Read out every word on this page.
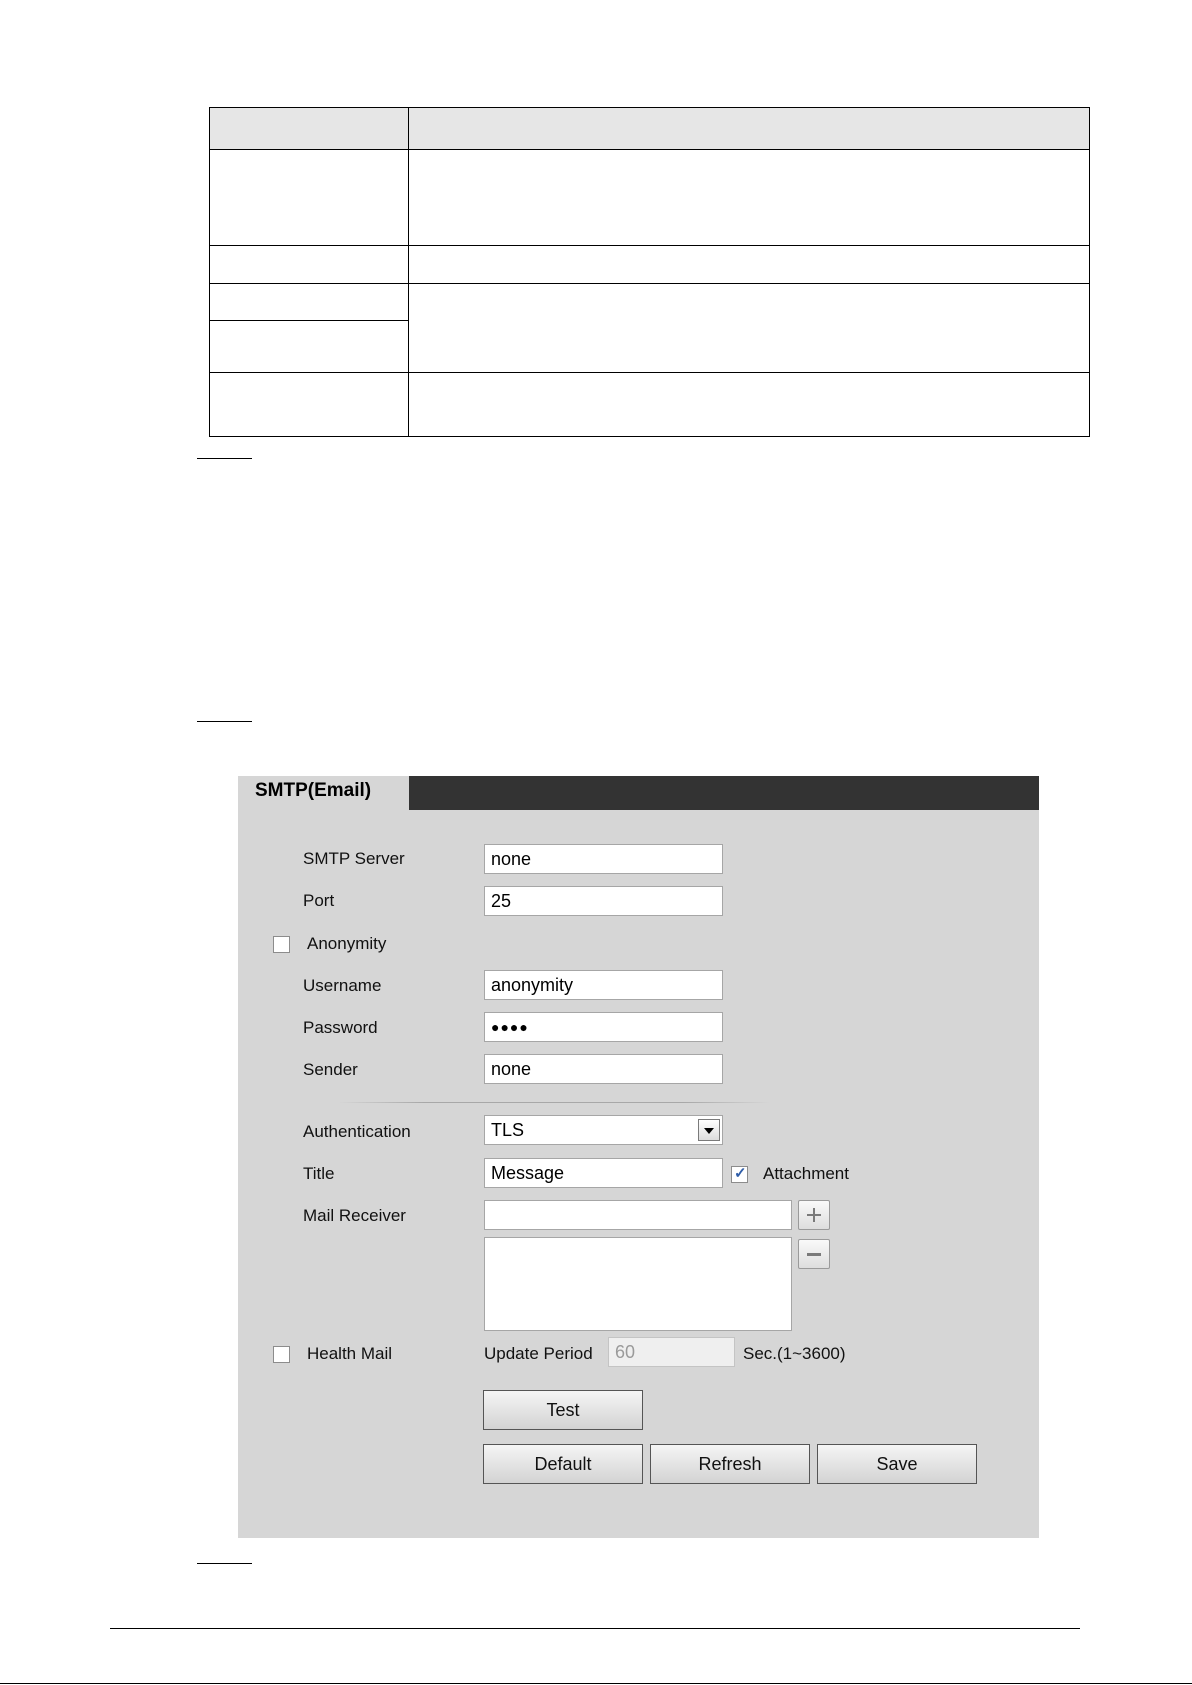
SMTP(Email)
SMTP Server	none
Port	25
Anonymity
Username	anonymity
Password	●●●●
Sender	none
Authentication	TLS
Title	Message	✓ Attachment
Mail Receiver
Health Mail	Update Period	60	Sec.(1~3600)
Test
Default	Refresh	Save
